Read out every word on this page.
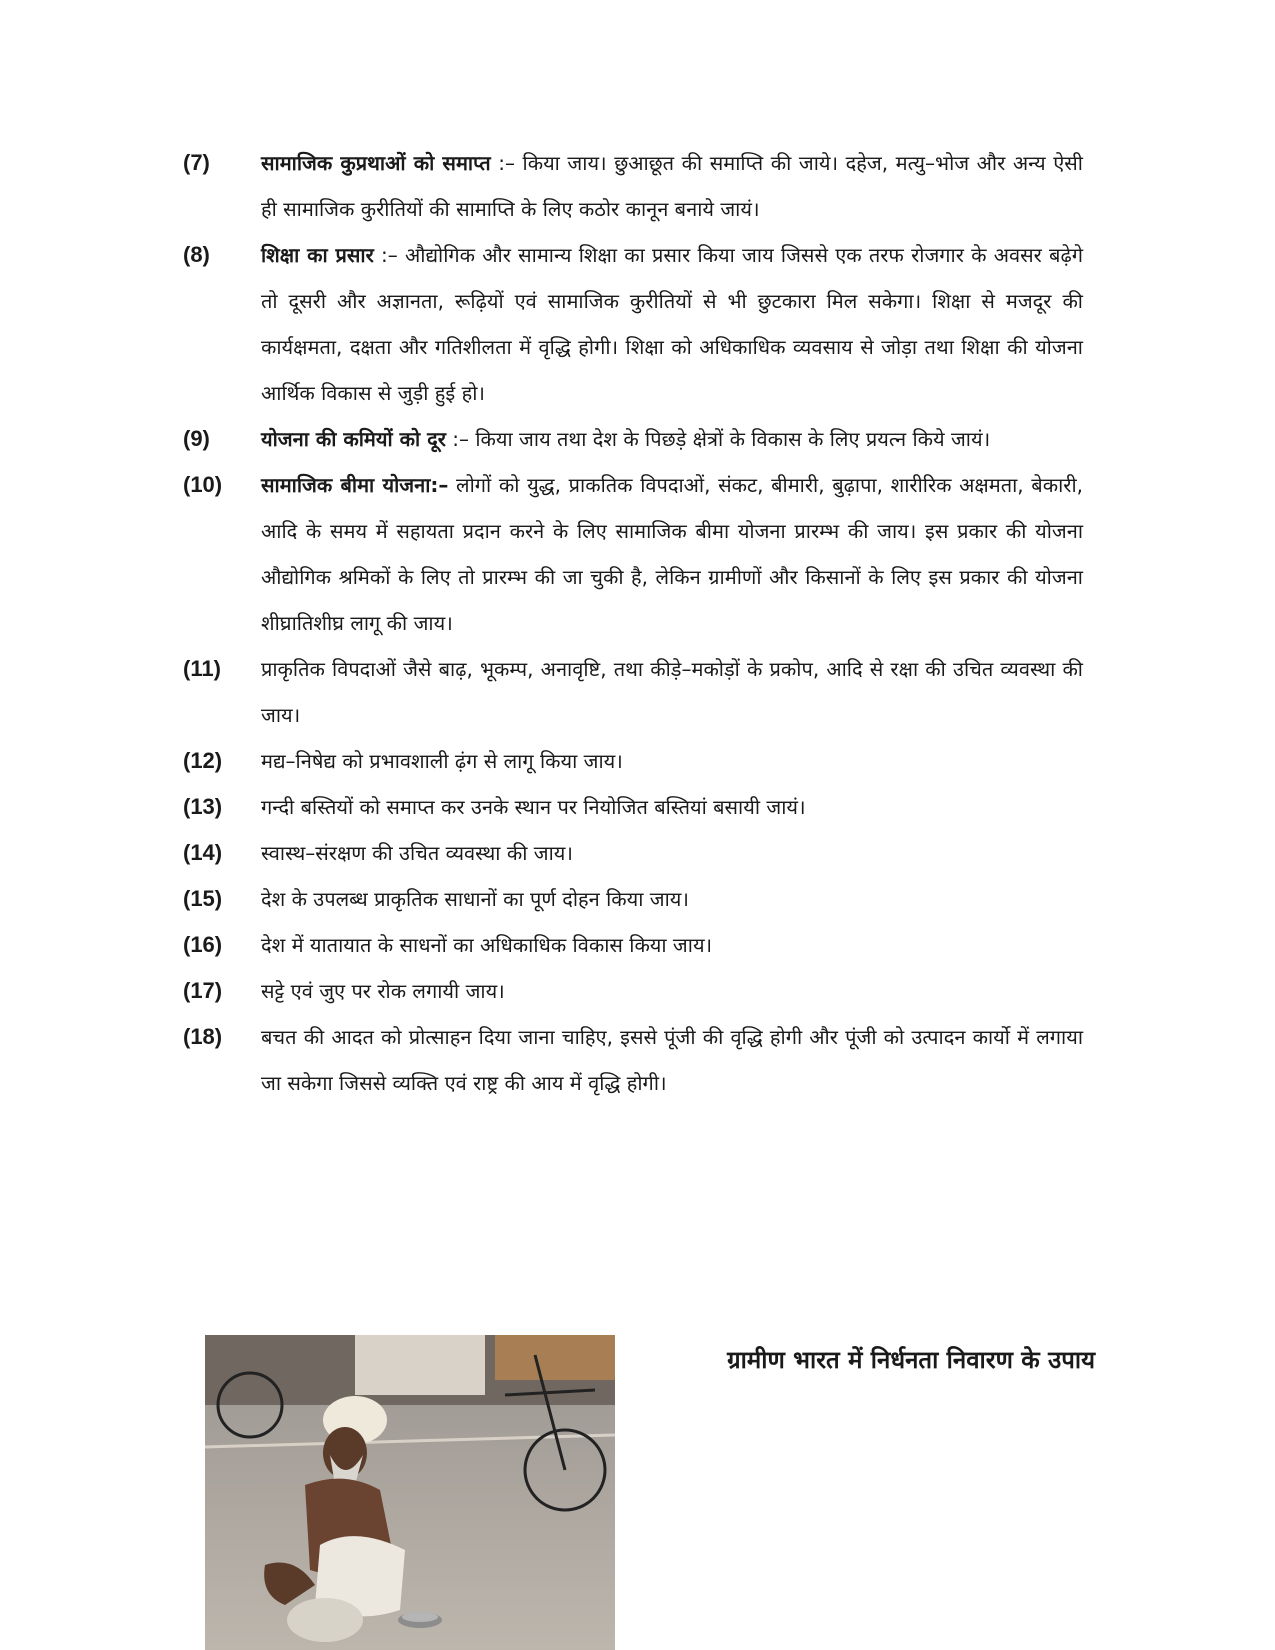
(7)	सामाजिक कुप्रथाओं को समाप्त :– किया जाय। छुआछूत की समाप्ति की जाये। दहेज, मत्यु–भोज और अन्य ऐसी ही सामाजिक कुरीतियों की सामाप्ति के लिए कठोर कानून बनाये जायं।
(8)	शिक्षा का प्रसार :– औद्योगिक और सामान्य शिक्षा का प्रसार किया जाय जिससे एक तरफ रोजगार के अवसर बढ़ेगे तो दूसरी और अज्ञानता, रूढ़ियों एवं सामाजिक कुरीतियों से भी छुटकारा मिल सकेगा। शिक्षा से मजदूर की कार्यक्षमता, दक्षता और गतिशीलता में वृद्धि होगी। शिक्षा को अधिकाधिक व्यवसाय से जोड़ा तथा शिक्षा की योजना आर्थिक विकास से जुड़ी हुई हो।
(9)	योजना की कमियों को दूर :– किया जाय तथा देश के पिछड़े क्षेत्रों के विकास के लिए प्रयत्न किये जायं।
(10)	सामाजिक बीमा योजना:– लोगों को युद्ध, प्राकतिक विपदाओं, संकट, बीमारी, बुढ़ापा, शारीरिक अक्षमता, बेकारी, आदि के समय में सहायता प्रदान करने के लिए सामाजिक बीमा योजना प्रारम्भ की जाय। इस प्रकार की योजना औद्योगिक श्रमिकों के लिए तो प्रारम्भ की जा चुकी है, लेकिन ग्रामीणों और किसानों के लिए इस प्रकार की योजना शीघ्रातिशीघ्र लागू की जाय।
(11)	प्राकृतिक विपदाओं जैसे बाढ़, भूकम्प, अनावृष्टि, तथा कीड़े–मकोड़ों के प्रकोप, आदि से रक्षा की उचित व्यवस्था की जाय।
(12)	मद्य–निषेद्य को प्रभावशाली ढ़ंग से लागू किया जाय।
(13)	गन्दी बस्तियों को समाप्त कर उनके स्थान पर नियोजित बस्तियां बसायी जायं।
(14)	स्वास्थ–संरक्षण की उचित व्यवस्था की जाय।
(15)	देश के उपलब्ध प्राकृतिक साधानों का पूर्ण दोहन किया जाय।
(16)	देश में यातायात के साधनों का अधिकाधिक विकास किया जाय।
(17)	सट्टे एवं जुए पर रोक लगायी जाय।
(18)	बचत की आदत को प्रोत्साहन दिया जाना चाहिए, इससे पूंजी की वृद्धि होगी और पूंजी को उत्पादन कार्यो में लगाया जा सकेगा जिससे व्यक्ति एवं राष्ट्र की आय में वृद्धि होगी।
ग्रामीण भारत में निर्धनता निवारण के उपाय
